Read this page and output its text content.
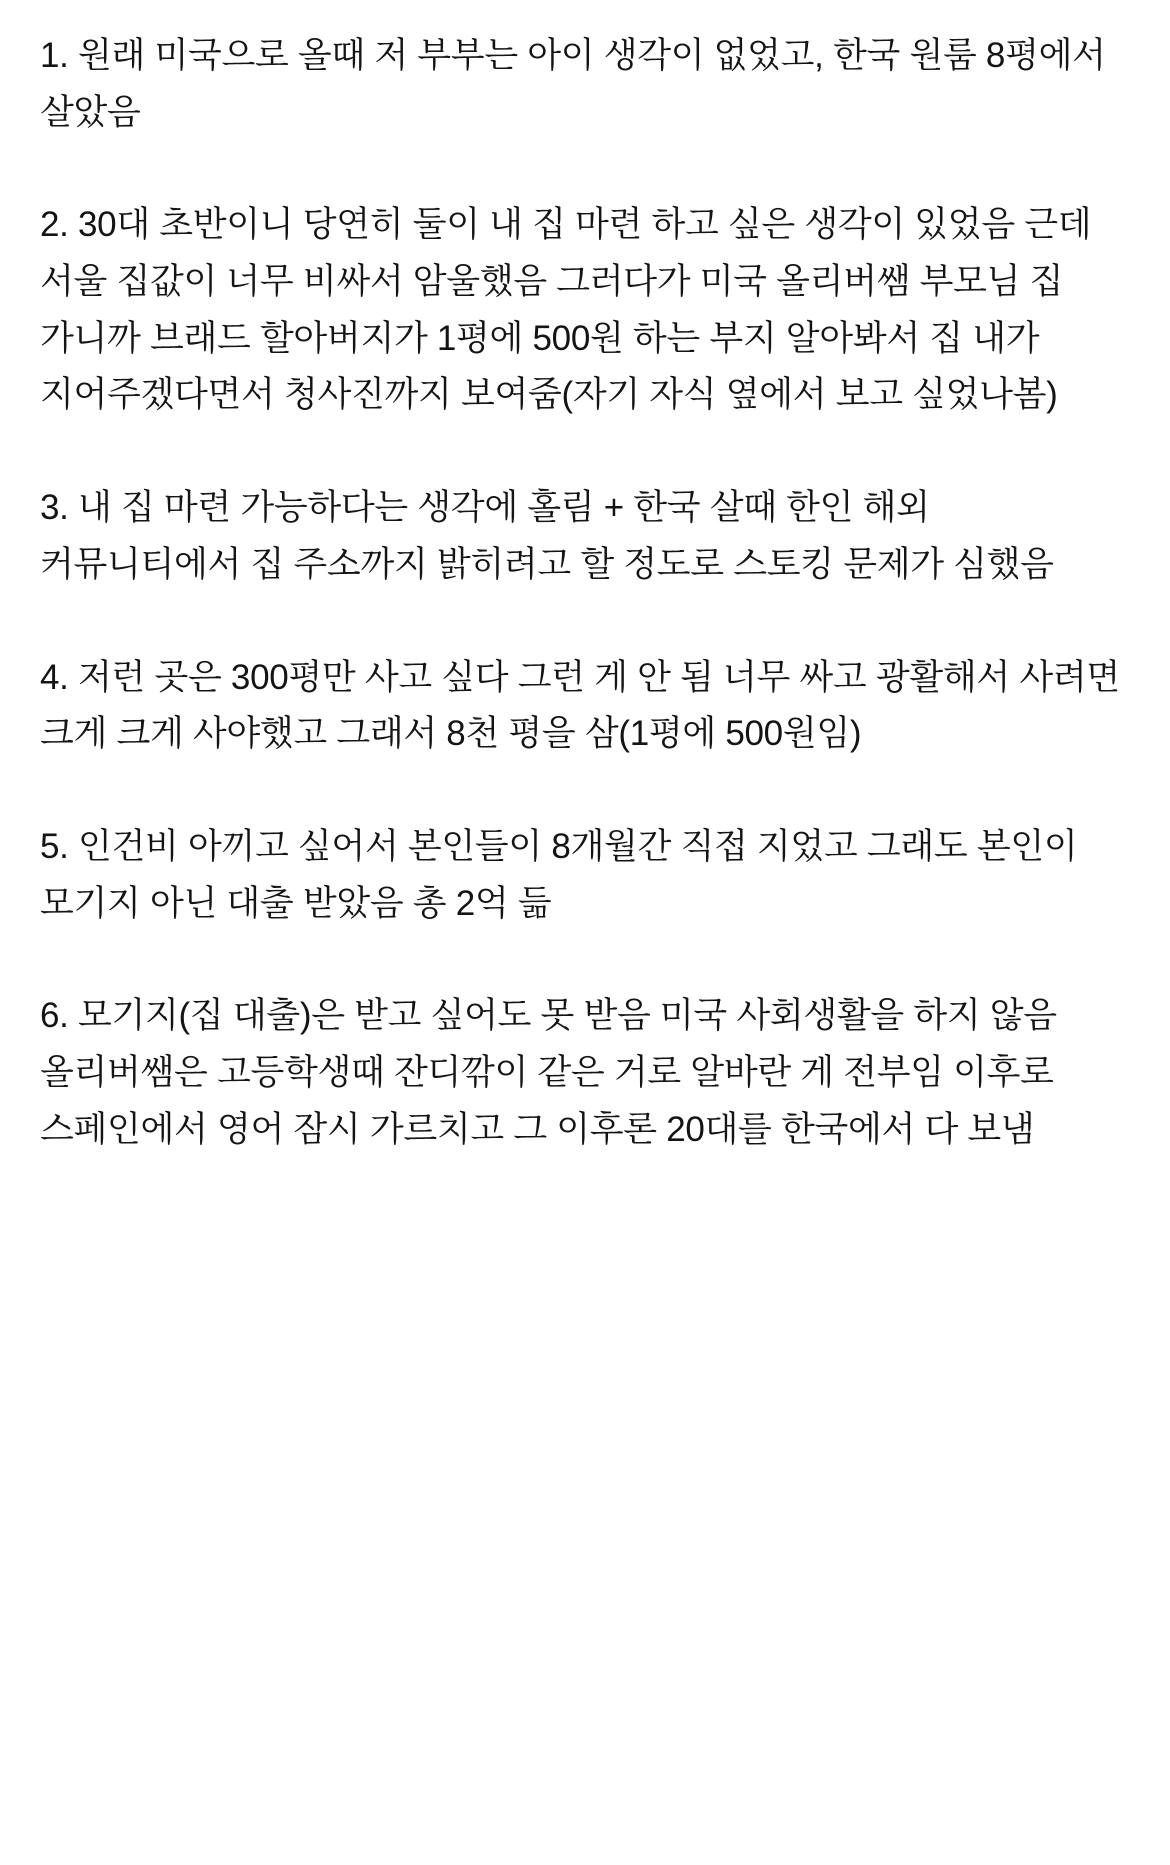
1. 원래 미국으로 올때 저 부부는 아이 생각이 없었고, 한국 원룸 8평에서 살았음

2. 30대 초반이니 당연히 둘이 내 집 마련 하고 싶은 생각이 있었음 근데 서울 집값이 너무 비싸서 암울했음 그러다가 미국 올리버쌤 부모님 집 가니까 브래드 할아버지가 1평에 500원 하는 부지 알아봐서 집 내가 지어주겠다면서 청사진까지 보여줌(자기 자식 옆에서 보고 싶었나봄)

3. 내 집 마련 가능하다는 생각에 홀림 + 한국 살때 한인 해외 커뮤니티에서 집 주소까지 밝히려고 할 정도로 스토킹 문제가 심했음

4. 저런 곳은 300평만 사고 싶다 그런 게 안 됨 너무 싸고 광활해서 사려면 크게 크게 사야했고 그래서 8천 평을 삼(1평에 500원임)

5. 인건비 아끼고 싶어서 본인들이 8개월간 직접 지었고 그래도 본인이 모기지 아닌 대출 받았음 총 2억 듦

6. 모기지(집 대출)은 받고 싶어도 못 받음 미국 사회생활을 하지 않음 올리버쌤은 고등학생때 잔디깎이 같은 거로 알바란 게 전부임 이후로 스페인에서 영어 잠시 가르치고 그 이후론 20대를 한국에서 다 보냄
